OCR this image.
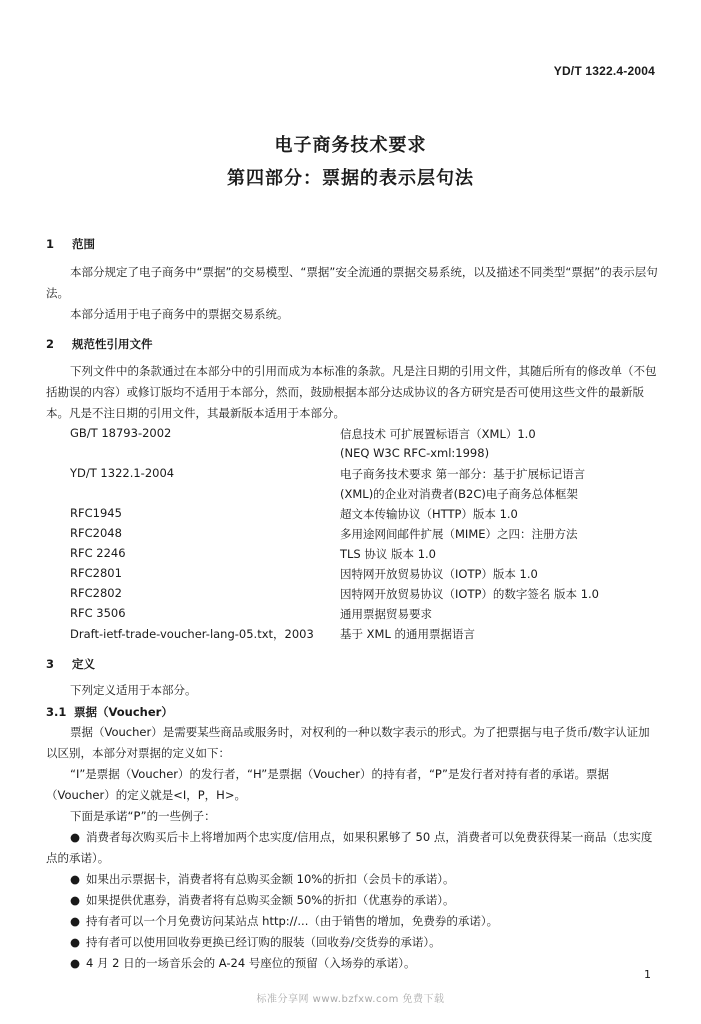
YD/T 1322.4-2004
电子商务技术要求
第四部分：票据的表示层句法
1 范围

本部分规定了电子商务中“票据”的交易模型、“票据”安全流通的票据交易系统，以及描述不同类型“票据”的表示层句法。

本部分适用于电子商务中的票据交易系统。

2 规范性引用文件

下列文件中的条款通过在本部分中的引用而成为本标准的条款。凡是注日期的引用文件，其随后所有的修改单（不包括勘误的内容）或修订版均不适用于本部分，然而，鼓励根据本部分达成协议的各方研究是否可使用这些文件的最新版本。凡是不注日期的引用文件，其最新版本适用于本部分。

GB/T 18793-2002	信息技术 可扩展置标语言（XML）1.0
(NEQ W3C RFC-xml:1998)
YD/T 1322.1-2004	电子商务技术要求 第一部分：基于扩展标记语言
(XML)的企业对消费者(B2C)电子商务总体框架
RFC1945	超文本传输协议（HTTP）版本 1.0
RFC2048	多用途网间邮件扩展（MIME）之四：注册方法
RFC 2246	TLS 协议 版本 1.0
RFC2801	因特网开放贸易协议（IOTP）版本 1.0
RFC2802	因特网开放贸易协议（IOTP）的数字签名 版本 1.0
RFC 3506	通用票据贸易要求
Draft-ietf-trade-voucher-lang-05.txt，2003 基于 XML 的通用票据语言
3 定义

下列定义适用于本部分。

3.1 票据（Voucher）

票据（Voucher）是需要某些商品或服务时，对权利的一种以数字表示的形式。为了把票据与电子货币/数字认证加以区别，本部分对票据的定义如下：

“I”是票据（Voucher）的发行者，“H”是票据（Voucher）的持有者，“P”是发行者对持有者的承诺。票据（Voucher）的定义就是<I，P，H>。

下面是承诺“P”的一些例子：

● 消费者每次购买后卡上将增加两个忠实度/信用点，如果积累够了 50 点，消费者可以免费获得某一商品（忠实度点的承诺）。

● 如果出示票据卡，消费者将有总购买金额 10%的折扣（会员卡的承诺）。

● 如果提供优惠券，消费者将有总购买金额 50%的折扣（优惠券的承诺）。

● 持有者可以一个月免费访问某站点 http://...（由于销售的增加，免费券的承诺）。

● 持有者可以使用回收券更换已经订购的服装（回收券/交货券的承诺）。

● 4 月 2 日的一场音乐会的 A-24 号座位的预留（入场券的承诺）。

1
标准分享网 www.bzfxw.com 免费下载
